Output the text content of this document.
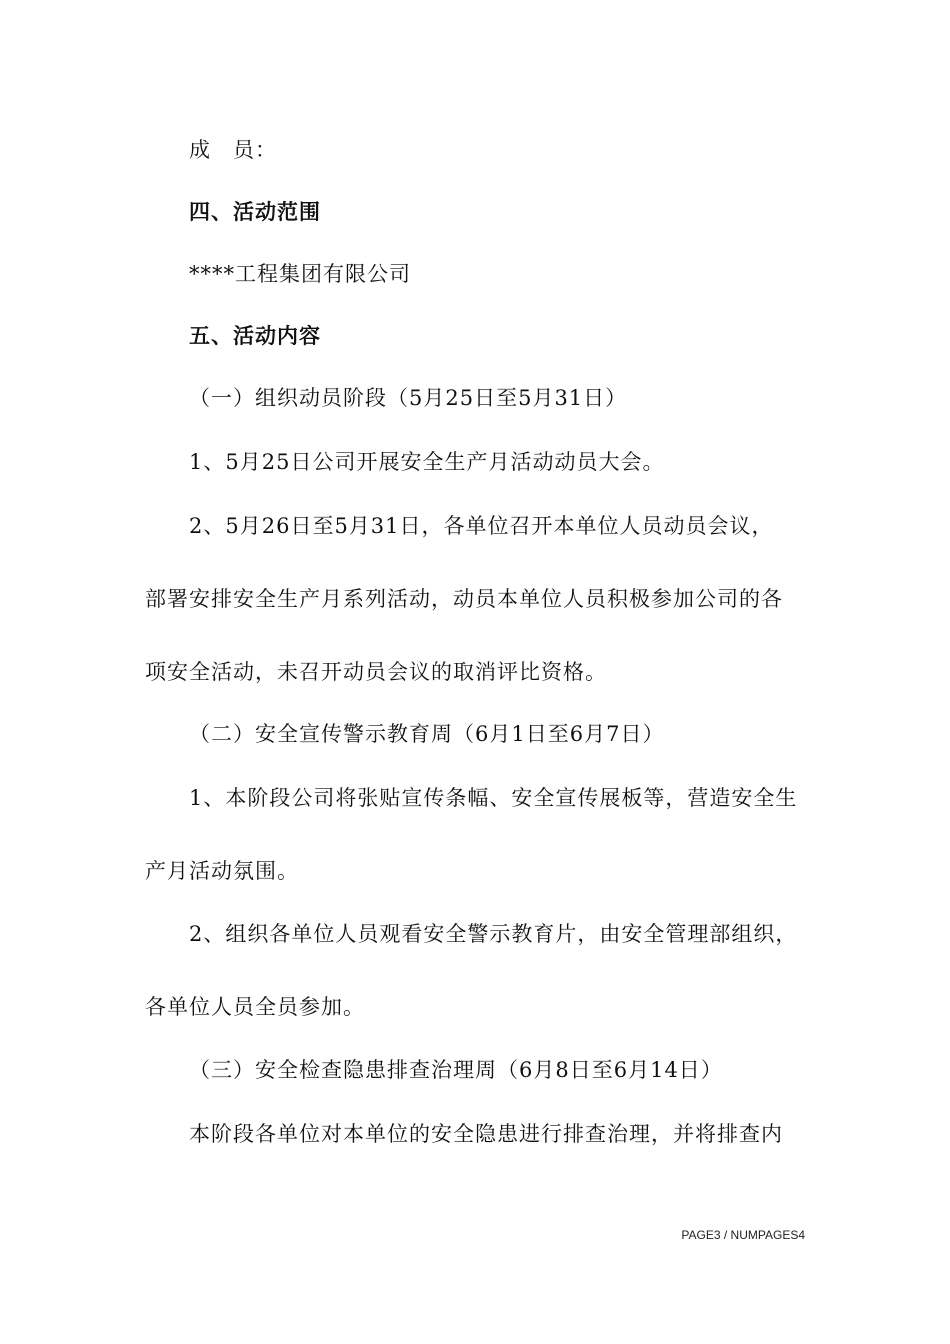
成　员：
四、活动范围
****工程集团有限公司
五、活动内容
（一）组织动员阶段（5月25日至5月31日）
1、5月25日公司开展安全生产月活动动员大会。
2、5月26日至5月31日，各单位召开本单位人员动员会议，
部署安排安全生产月系列活动，动员本单位人员积极参加公司的各
项安全活动，未召开动员会议的取消评比资格。
（二）安全宣传警示教育周（6月1日至6月7日）
1、本阶段公司将张贴宣传条幅、安全宣传展板等，营造安全生
产月活动氛围。
2、组织各单位人员观看安全警示教育片，由安全管理部组织，
各单位人员全员参加。
（三）安全检查隐患排查治理周（6月8日至6月14日）
本阶段各单位对本单位的安全隐患进行排查治理，并将排查内
PAGE3 / NUMPAGES4
